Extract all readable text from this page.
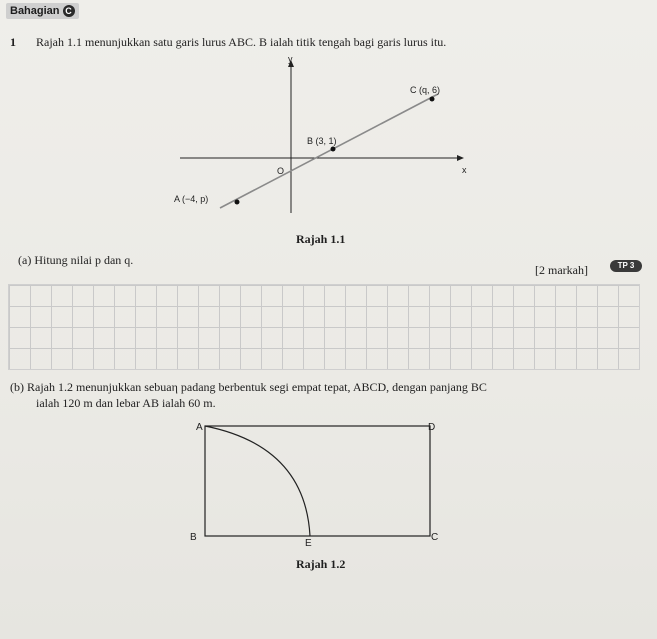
Bahagian C
1 Rajah 1.1 menunjukkan satu garis lurus ABC. B ialah titik tengah bagi garis lurus itu.
y
x
O
A (−4, p)
B (3, 1)
C (q, 6)
Rajah 1.1
(a) Hitung nilai p dan q.
[2 markah]	TP 3
(b) Rajah 1.2 menunjukkan sebuaη padang berbentuk segi empat tepat, ABCD, dengan panjang BC
ialah 120 m dan lebar AB ialah 60 m.
A	D
B	C
E
Rajah 1.2
